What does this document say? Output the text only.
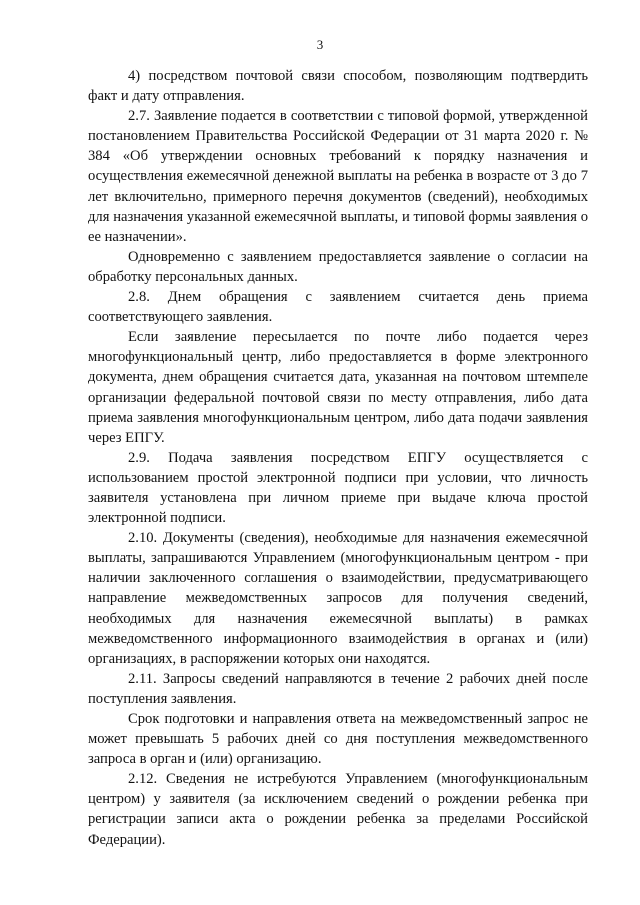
3

4) посредством почтовой связи способом, позволяющим подтвердить факт и дату отправления.

2.7. Заявление подается в соответствии с типовой формой, утвержденной постановлением Правительства Российской Федерации от 31 марта 2020 г. № 384 «Об утверждении основных требований к порядку назначения и осуществления ежемесячной денежной выплаты на ребенка в возрасте от 3 до 7 лет включительно, примерного перечня документов (сведений), необходимых для назначения указанной ежемесячной выплаты, и типовой формы заявления о ее назначении».

Одновременно с заявлением предоставляется заявление о согласии на обработку персональных данных.

2.8. Днем обращения с заявлением считается день приема соответствующего заявления.

Если заявление пересылается по почте либо подается через многофункциональный центр, либо предоставляется в форме электронного документа, днем обращения считается дата, указанная на почтовом штемпеле организации федеральной почтовой связи по месту отправления, либо дата приема заявления многофункциональным центром, либо дата подачи заявления через ЕПГУ.

2.9. Подача заявления посредством ЕПГУ осуществляется с использованием простой электронной подписи при условии, что личность заявителя установлена при личном приеме при выдаче ключа простой электронной подписи.

2.10. Документы (сведения), необходимые для назначения ежемесячной выплаты, запрашиваются Управлением (многофункциональным центром - при наличии заключенного соглашения о взаимодействии, предусматривающего направление межведомственных запросов для получения сведений, необходимых для назначения ежемесячной выплаты) в рамках межведомственного информационного взаимодействия в органах и (или) организациях, в распоряжении которых они находятся.

2.11. Запросы сведений направляются в течение 2 рабочих дней после поступления заявления.

Срок подготовки и направления ответа на межведомственный запрос не может превышать 5 рабочих дней со дня поступления межведомственного запроса в орган и (или) организацию.

2.12. Сведения не истребуются Управлением (многофункциональным центром) у заявителя (за исключением сведений о рождении ребенка при регистрации записи акта о рождении ребенка за пределами Российской Федерации).
